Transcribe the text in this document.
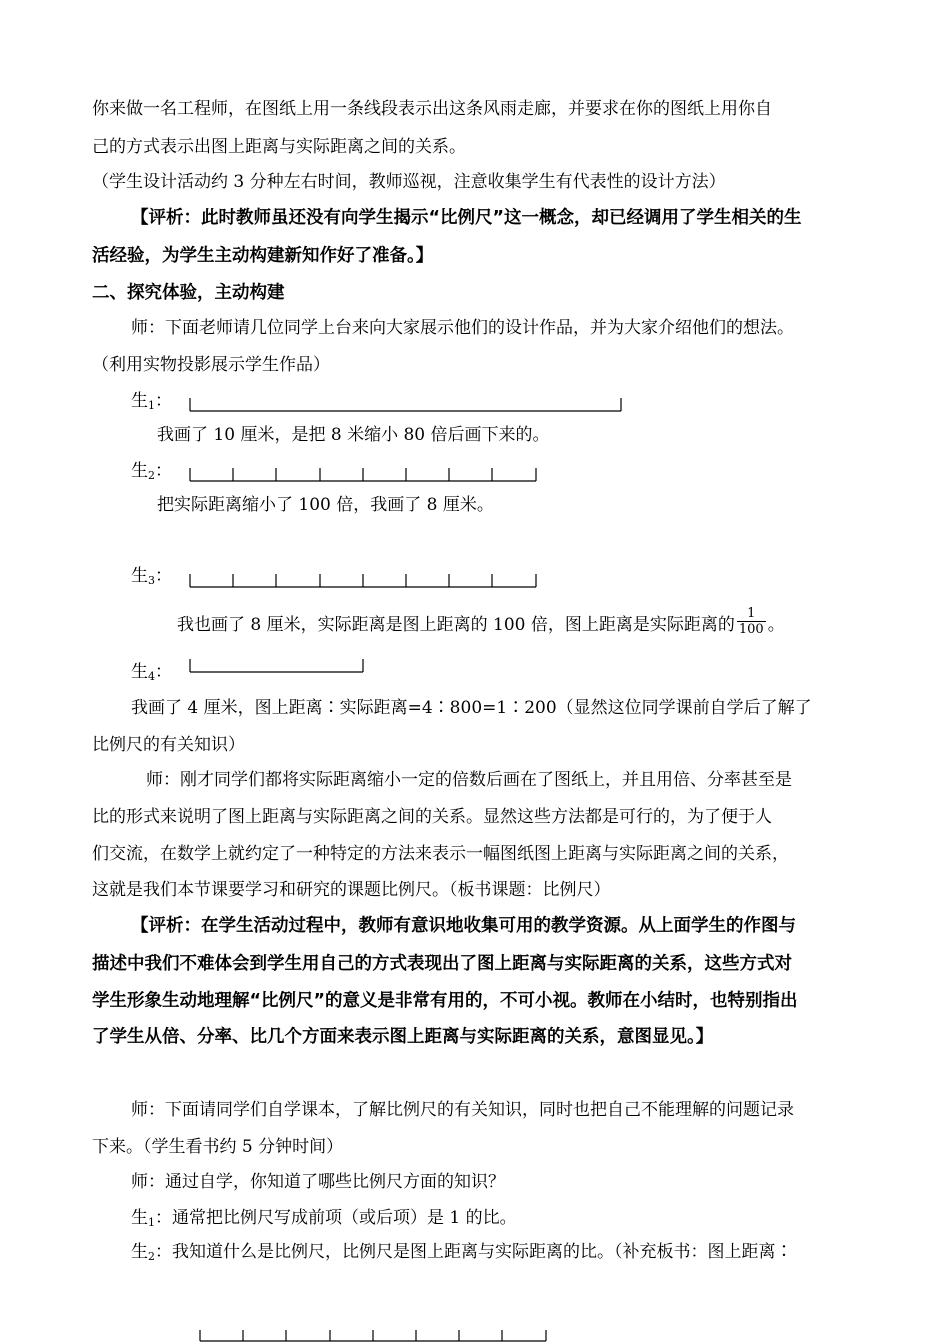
你来做一名工程师，在图纸上用一条线段表示出这条风雨走廊，并要求在你的图纸上用你自
己的方式表示出图上距离与实际距离之间的关系。
（学生设计活动约 3 分种左右时间，教师巡视，注意收集学生有代表性的设计方法）
【评析：此时教师虽还没有向学生揭示“比例尺”这一概念，却已经调用了学生相关的生
活经验，为学生主动构建新知作好了准备。】
二、探究体验，主动构建
师：下面老师请几位同学上台来向大家展示他们的设计作品，并为大家介绍他们的想法。
（利用实物投影展示学生作品）
生1：
我画了 10 厘米，是把 8 米缩小 80 倍后画下来的。
生2：
把实际距离缩小了 100 倍，我画了 8 厘米。
生3：
我也画了 8 厘米，实际距离是图上距离的 100 倍，图上距离是实际距离的 $\frac{1}{100}$ 。
生4：
我画了 4 厘米，图上距离∶实际距离=4∶800=1∶200（显然这位同学课前自学后了解了
比例尺的有关知识）
师：刚才同学们都将实际距离缩小一定的倍数后画在了图纸上，并且用倍、分率甚至是
比的形式来说明了图上距离与实际距离之间的关系。显然这些方法都是可行的，为了便于人
们交流，在数学上就约定了一种特定的方法来表示一幅图纸图上距离与实际距离之间的关系，
这就是我们本节课要学习和研究的课题比例尺。（板书课题：比例尺）
【评析：在学生活动过程中，教师有意识地收集可用的教学资源。从上面学生的作图与
描述中我们不难体会到学生用自己的方式表现出了图上距离与实际距离的关系，这些方式对
学生形象生动地理解“比例尺”的意义是非常有用的，不可小视。教师在小结时，也特别指出
了学生从倍、分率、比几个方面来表示图上距离与实际距离的关系，意图显见。】
师：下面请同学们自学课本，了解比例尺的有关知识，同时也把自己不能理解的问题记录
下来。（学生看书约 5 分钟时间）
师：通过自学，你知道了哪些比例尺方面的知识？
生1：通常把比例尺写成前项（或后项）是 1 的比。
生2：我知道什么是比例尺，比例尺是图上距离与实际距离的比。（补充板书：图上距离∶
